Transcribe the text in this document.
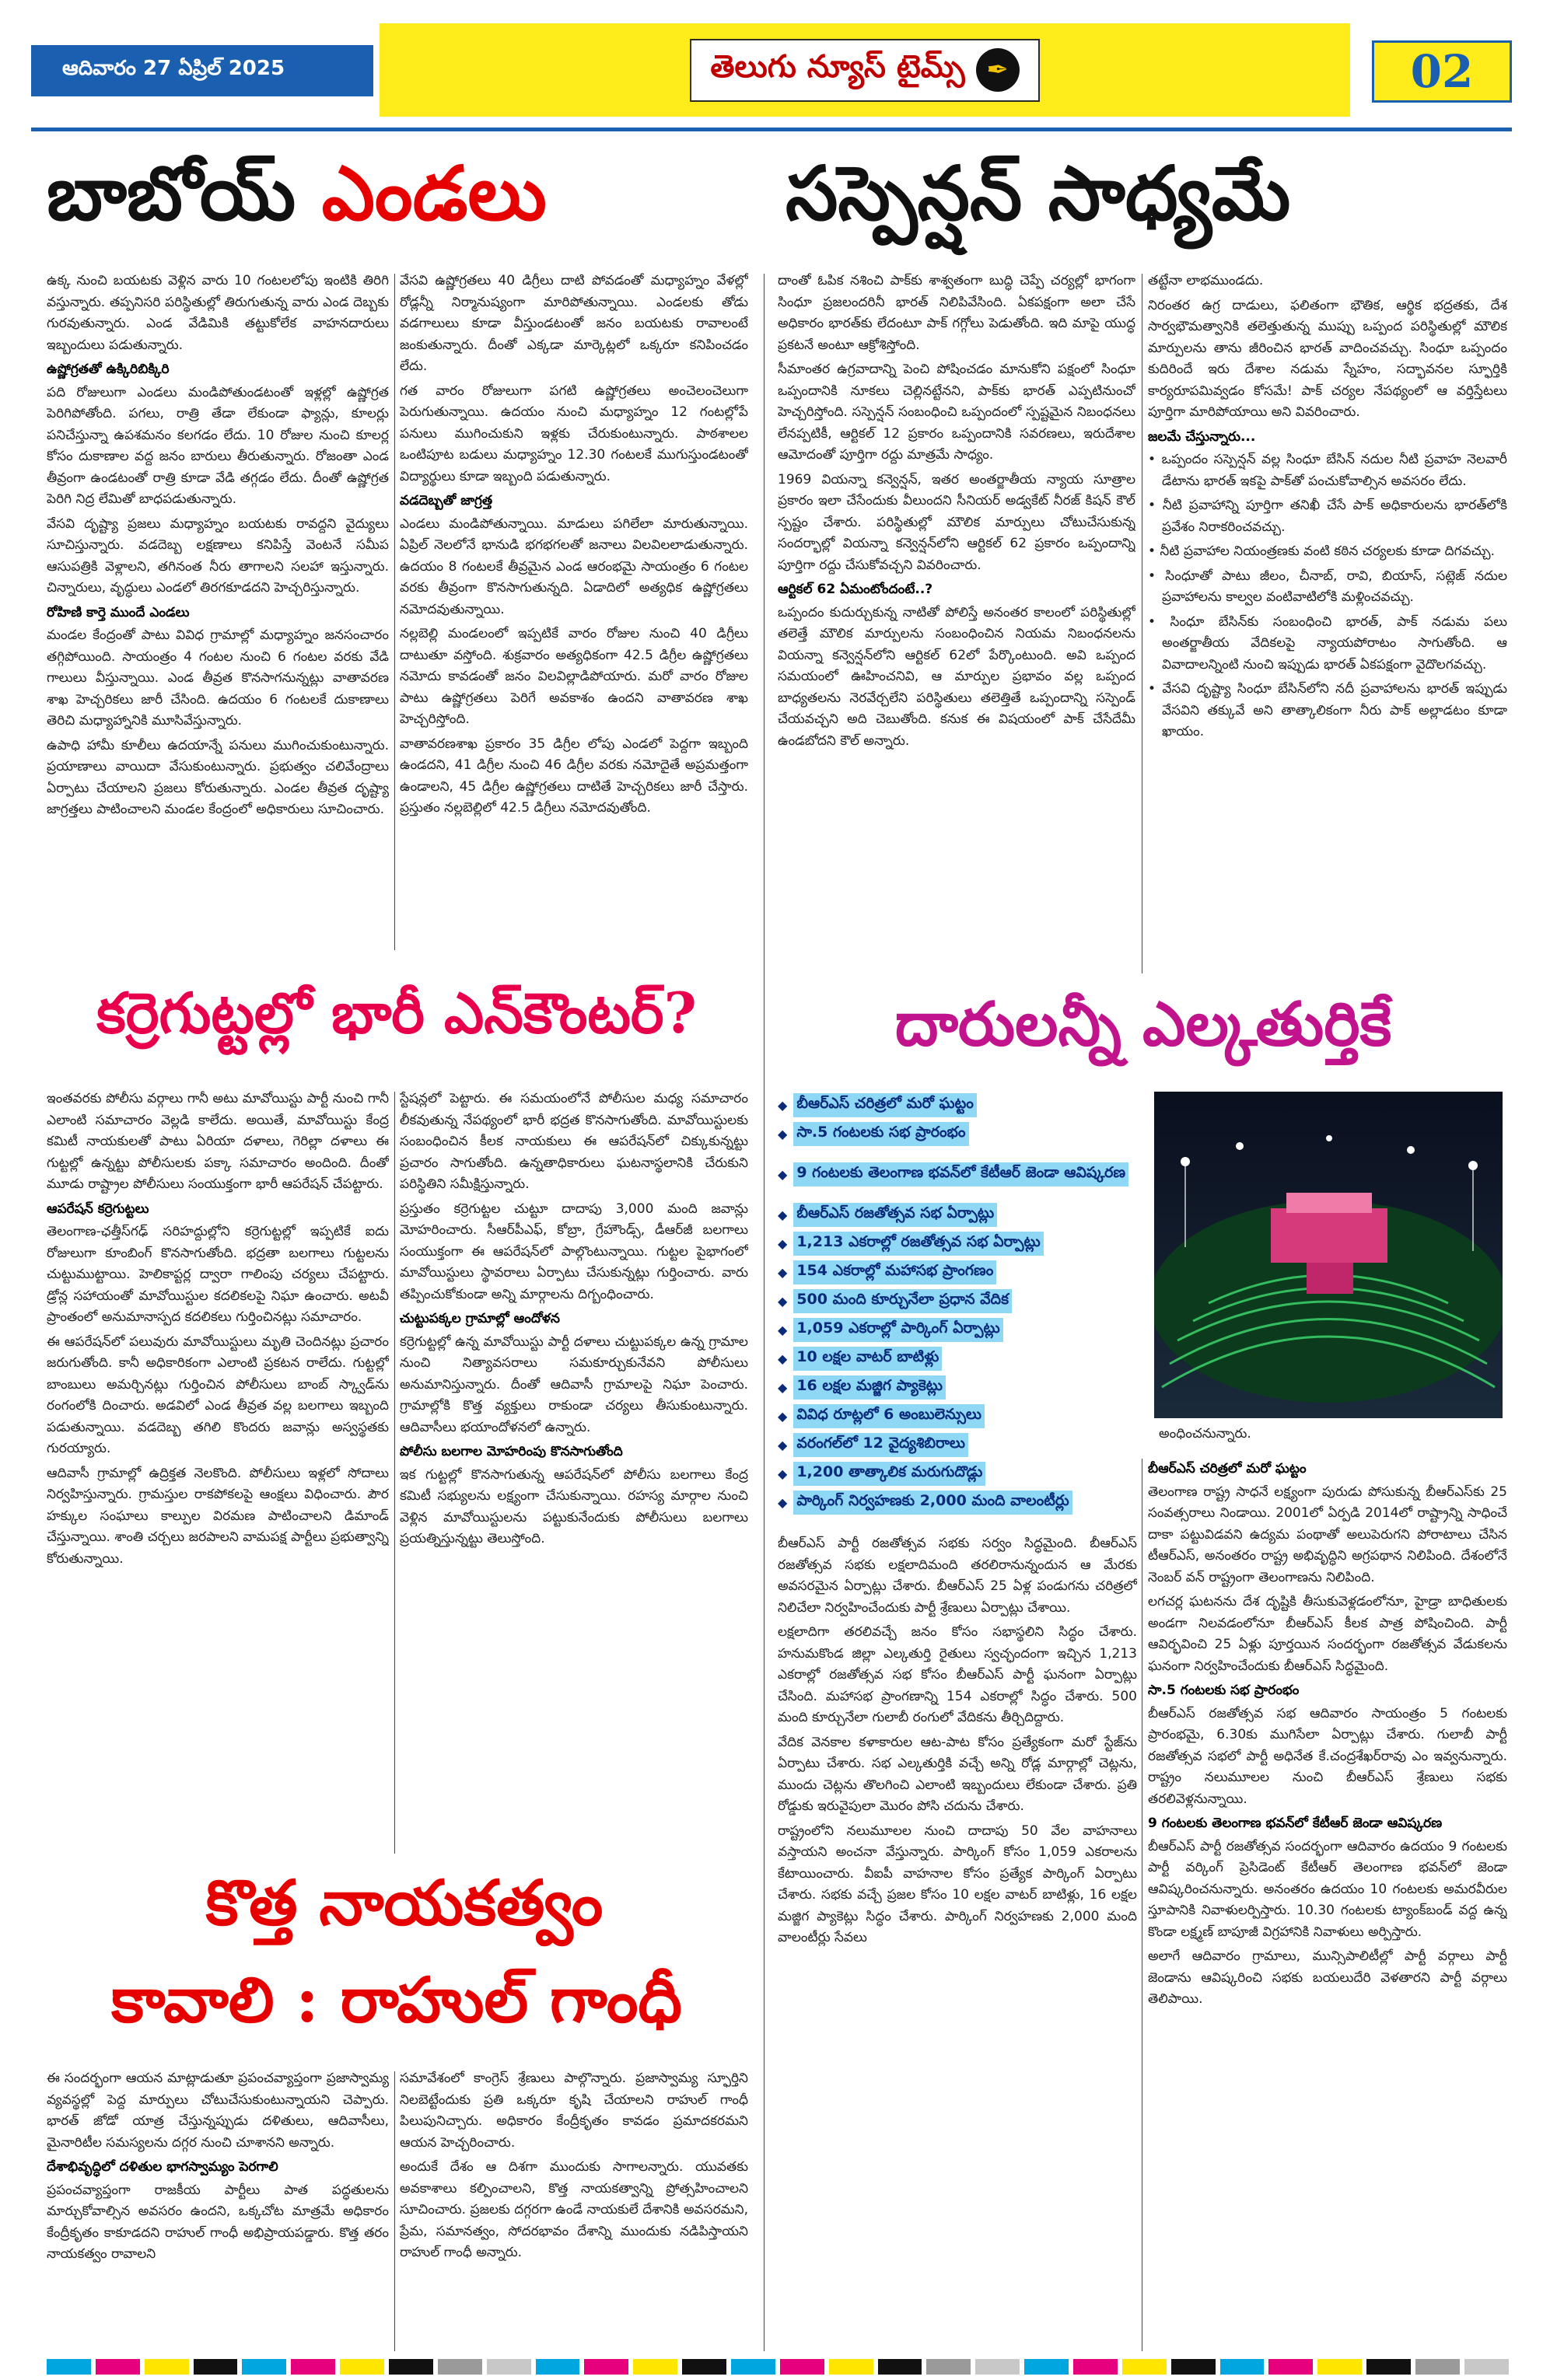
ఆదివారం 27 ఏప్రిల్ 2025	తెలుగు న్యూస్ టైమ్స్ ✒	02
బాబోయ్ ఎండలు	సస్పెన్షన్ సాధ్యమే
ఉక్క నుంచి బయటకు వెళ్లిన వారు 10 గంటలలోపు ఇంటికి తిరిగి వస్తున్నారు. తప్పనిసరి పరిస్థితుల్లో తిరుగుతున్న వారు ఎండ దెబ్బకు గురవుతున్నారు. ఎండ వేడిమికి తట్టుకోలేక వాహనదారులు ఇబ్బందులు పడుతున్నారు.
ఉష్ణోగ్రతతో ఉక్కిరిబిక్కిరి
పది రోజులుగా ఎండలు మండిపోతుండటంతో ఇళ్లల్లో ఉష్ణోగ్రత పెరిగిపోతోంది. పగలు, రాత్రి తేడా లేకుండా ఫ్యాన్లు, కూలర్లు పనిచేస్తున్నా ఉపశమనం కలగడం లేదు. 10 రోజుల నుంచి కూలర్ల కోసం దుకాణాల వద్ద జనం బారులు తీరుతున్నారు. రోజంతా ఎండ తీవ్రంగా ఉండటంతో రాత్రి కూడా వేడి తగ్గడం లేదు. దీంతో ఉష్ణోగ్రత పెరిగి నిద్ర లేమితో బాధపడుతున్నారు.
వేసవి దృష్ట్యా ప్రజలు మధ్యాహ్నం బయటకు రావద్దని వైద్యులు సూచిస్తున్నారు. వడదెబ్బ లక్షణాలు కనిపిస్తే వెంటనే సమీప ఆసుపత్రికి వెళ్లాలని, తగినంత నీరు తాగాలని సలహా ఇస్తున్నారు. చిన్నారులు, వృద్ధులు ఎండలో తిరగకూడదని హెచ్చరిస్తున్నారు.
రోహిణి కార్తె ముందే ఎండలు
మండల కేంద్రంతో పాటు వివిధ గ్రామాల్లో మధ్యాహ్నం జనసంచారం తగ్గిపోయింది. సాయంత్రం 4 గంటల నుంచి 6 గంటల వరకు వేడి గాలులు వీస్తున్నాయి. ఎండ తీవ్రత కొనసాగనున్నట్లు వాతావరణ శాఖ హెచ్చరికలు జారీ చేసింది. ఉదయం 6 గంటలకే దుకాణాలు తెరిచి మధ్యాహ్నానికి మూసివేస్తున్నారు.
ఉపాధి హామీ కూలీలు ఉదయాన్నే పనులు ముగించుకుంటున్నారు. ప్రయాణాలు వాయిదా వేసుకుంటున్నారు. ప్రభుత్వం చలివేంద్రాలు ఏర్పాటు చేయాలని ప్రజలు కోరుతున్నారు. ఎండల తీవ్రత దృష్ట్యా జాగ్రత్తలు పాటించాలని మండల కేంద్రంలో అధికారులు సూచించారు.
వేసవి ఉష్ణోగ్రతలు 40 డిగ్రీలు దాటి పోవడంతో మధ్యాహ్నం వేళల్లో రోడ్లన్నీ నిర్మానుష్యంగా మారిపోతున్నాయి. ఎండలకు తోడు వడగాలులు కూడా వీస్తుండటంతో జనం బయటకు రావాలంటే జంకుతున్నారు. దీంతో ఎక్కడా మార్కెట్లలో ఒక్కరూ కనిపించడం లేదు.
గత వారం రోజులుగా పగటి ఉష్ణోగ్రతలు అంచెలంచెలుగా పెరుగుతున్నాయి. ఉదయం నుంచి మధ్యాహ్నం 12 గంటల్లోపే పనులు ముగించుకుని ఇళ్లకు చేరుకుంటున్నారు. పాఠశాలల ఒంటిపూట బడులు మధ్యాహ్నం 12.30 గంటలకే ముగుస్తుండటంతో విద్యార్థులు కూడా ఇబ్బంది పడుతున్నారు.
వడదెబ్బతో జాగ్రత్త
ఎండలు మండిపోతున్నాయి. మాడులు పగిలేలా మారుతున్నాయి. ఏప్రిల్ నెలలోనే భానుడి భగభగలతో జనాలు విలవిలలాడుతున్నారు. ఉదయం 8 గంటలకే తీవ్రమైన ఎండ ఆరంభమై సాయంత్రం 6 గంటల వరకు తీవ్రంగా కొనసాగుతున్నది. ఏడాదిలో అత్యధిక ఉష్ణోగ్రతలు నమోదవుతున్నాయి.
నల్లబెల్లి మండలంలో ఇప్పటికే వారం రోజుల నుంచి 40 డిగ్రీలు దాటుతూ వస్తోంది. శుక్రవారం అత్యధికంగా 42.5 డిగ్రీల ఉష్ణోగ్రతలు నమోదు కావడంతో జనం విలవిల్లాడిపోయారు. మరో వారం రోజుల పాటు ఉష్ణోగ్రతలు పెరిగే అవకాశం ఉందని వాతావరణ శాఖ హెచ్చరిస్తోంది.
వాతావరణశాఖ ప్రకారం 35 డిగ్రీల లోపు ఎండలో పెద్దగా ఇబ్బంది ఉండదని, 41 డిగ్రీల నుంచి 46 డిగ్రీల వరకు నమోదైతే అప్రమత్తంగా ఉండాలని, 45 డిగ్రీల ఉష్ణోగ్రతలు దాటితే హెచ్చరికలు జారీ చేస్తారు. ప్రస్తుతం నల్లబెల్లిలో 42.5 డిగ్రీలు నమోదవుతోంది.
దాంతో ఓపిక నశించి పాక్‌కు శాశ్వతంగా బుద్ధి చెప్పే చర్యల్లో భాగంగా సింధూ ప్రజలందరినీ భారత్ నిలిపివేసింది. ఏకపక్షంగా అలా చేసే అధికారం భారత్‌కు లేదంటూ పాక్ గగ్గోలు పెడుతోంది. ఇది మాపై యుద్ధ ప్రకటనే అంటూ ఆక్రోశిస్తోంది.
సీమాంతర ఉగ్రవాదాన్ని పెంచి పోషించడం మానుకోని పక్షంలో సింధూ ఒప్పందానికి నూకలు చెల్లినట్టేనని, పాక్‌కు భారత్ ఎప్పటినుంచో హెచ్చరిస్తోంది. సస్పెన్షన్ సంబంధించి ఒప్పందంలో స్పష్టమైన నిబంధనలు లేనప్పటికీ, ఆర్టికల్ 12 ప్రకారం ఒప్పందానికి సవరణలు, ఇరుదేశాల ఆమోదంతో పూర్తిగా రద్దు మాత్రమే సాధ్యం.
1969 వియన్నా కన్వెన్షన్, ఇతర అంతర్జాతీయ న్యాయ సూత్రాల ప్రకారం ఇలా చేసేందుకు వీలుందని సీనియర్ అడ్వకేట్ నీరజ్ కిషన్ కౌల్ స్పష్టం చేశారు. పరిస్థితుల్లో మౌలిక మార్పులు చోటుచేసుకున్న సందర్భాల్లో వియన్నా కన్వెన్షన్‌లోని ఆర్టికల్ 62 ప్రకారం ఒప్పందాన్ని పూర్తిగా రద్దు చేసుకోవచ్చని వివరించారు.
ఆర్టికల్ 62 ఏమంటోందంటే..?
ఒప్పందం కుదుర్చుకున్న నాటితో పోలిస్తే అనంతర కాలంలో పరిస్థితుల్లో తలెత్తే మౌలిక మార్పులను సంబంధించిన నియమ నిబంధనలను వియన్నా కన్వెన్షన్‌లోని ఆర్టికల్ 62లో పేర్కొంటుంది. అవి ఒప్పంద సమయంలో ఊహించనివి, ఆ మార్పుల ప్రభావం వల్ల ఒప్పంద బాధ్యతలను నెరవేర్చలేని పరిస్థితులు తలెత్తితే ఒప్పందాన్ని సస్పెండ్ చేయవచ్చని అది చెబుతోంది. కనుక ఈ విషయంలో పాక్ చేసేదేమీ ఉండబోదని కౌల్ అన్నారు.
తట్టేనా లాభముండదు.
నిరంతర ఉగ్ర దాడులు, ఫలితంగా భౌతిక, ఆర్థిక భద్రతకు, దేశ సార్వభౌమత్వానికి తలెత్తుతున్న ముప్పు ఒప్పంద పరిస్థితుల్లో మౌలిక మార్పులను తాను జీరించిన భారత్ వాదించవచ్చు. సింధూ ఒప్పందం కుదిరిందే ఇరు దేశాల నడుమ స్నేహం, సద్భావనల స్ఫూర్తికి కార్యరూపమివ్వడం కోసమే! పాక్ చర్యల నేపథ్యంలో ఆ వర్తిస్తేటలు పూర్తిగా మారిపోయాయి అని వివరించారు.
జలమే చేస్తున్నారు...
• ఒప్పందం సస్పెన్షన్ వల్ల సింధూ బేసిన్ నదుల నీటి ప్రవాహ నెలవారీ డేటాను భారత్ ఇకపై పాక్‌తో పంచుకోవాల్సిన అవసరం లేదు.
• నీటి ప్రవాహాన్ని పూర్తిగా తనిఖీ చేసే పాక్ అధికారులను భారత్‌లోకి ప్రవేశం నిరాకరించవచ్చు.
• నీటి ప్రవాహాల నియంత్రణకు వంటి కఠిన చర్యలకు కూడా దిగవచ్చు.
• సింధూతో పాటు జీలం, చీనాబ్, రావి, బియాస్, సట్లెజ్ నదుల ప్రవాహాలను కాల్వల వంటివాటిలోకి మళ్లించవచ్చు.
• సింధూ బేసిన్‌కు సంబంధించి భారత్, పాక్ నడుమ పలు అంతర్జాతీయ వేదికలపై న్యాయపోరాటం సాగుతోంది. ఆ వివాదాలన్నింటి నుంచి ఇప్పుడు భారత్ ఏకపక్షంగా వైదొలగవచ్చు.
• వేసవి దృష్ట్యా సింధూ బేసిన్‌లోని నదీ ప్రవాహాలను భారత్ ఇప్పుడు వేసవిని తక్కువే అని తాత్కాలికంగా నీరు పాక్ అల్లాడటం కూడా ఖాయం.
కర్రెగుట్టల్లో భారీ ఎన్‌కౌంటర్?
ఇంతవరకు పోలీసు వర్గాలు గానీ అటు మావోయిస్టు పార్టీ నుంచి గానీ ఎలాంటి సమాచారం వెల్లడి కాలేదు. అయితే, మావోయిస్టు కేంద్ర కమిటీ నాయకులతో పాటు ఏరియా దళాలు, గెరిల్లా దళాలు ఈ గుట్టల్లో ఉన్నట్టు పోలీసులకు పక్కా సమాచారం అందింది. దీంతో మూడు రాష్ట్రాల పోలీసులు సంయుక్తంగా భారీ ఆపరేషన్ చేపట్టారు.
ఆపరేషన్ కర్రెగుట్టలు
తెలంగాణ-ఛత్తీస్‌గఢ్ సరిహద్దుల్లోని కర్రెగుట్టల్లో ఇప్పటికే ఐదు రోజులుగా కూంబింగ్ కొనసాగుతోంది. భద్రతా బలగాలు గుట్టలను చుట్టుముట్టాయి. హెలికాప్టర్ల ద్వారా గాలింపు చర్యలు చేపట్టారు. డ్రోన్ల సహాయంతో మావోయిస్టుల కదలికలపై నిఘా ఉంచారు. అటవీ ప్రాంతంలో అనుమానాస్పద కదలికలు గుర్తించినట్లు సమాచారం.
ఈ ఆపరేషన్‌లో పలువురు మావోయిస్టులు మృతి చెందినట్లు ప్రచారం జరుగుతోంది. కానీ అధికారికంగా ఎలాంటి ప్రకటన రాలేదు. గుట్టల్లో బాంబులు అమర్చినట్లు గుర్తించిన పోలీసులు బాంబ్ స్క్వాడ్‌ను రంగంలోకి దించారు. అడవిలో ఎండ తీవ్రత వల్ల బలగాలు ఇబ్బంది పడుతున్నాయి. వడదెబ్బ తగిలి కొందరు జవాన్లు అస్వస్థతకు గురయ్యారు.
ఆదివాసీ గ్రామాల్లో ఉద్రిక్తత నెలకొంది. పోలీసులు ఇళ్లలో సోదాలు నిర్వహిస్తున్నారు. గ్రామస్తుల రాకపోకలపై ఆంక్షలు విధించారు. పౌర హక్కుల సంఘాలు కాల్పుల విరమణ పాటించాలని డిమాండ్ చేస్తున్నాయి. శాంతి చర్చలు జరపాలని వామపక్ష పార్టీలు ప్రభుత్వాన్ని కోరుతున్నాయి.
స్టేషన్లలో పెట్టారు. ఈ సమయంలోనే పోలీసుల మధ్య సమాచారం లీకవుతున్న నేపథ్యంలో భారీ భద్రత కొనసాగుతోంది. మావోయిస్టులకు సంబంధించిన కీలక నాయకులు ఈ ఆపరేషన్‌లో చిక్కుకున్నట్టు ప్రచారం సాగుతోంది. ఉన్నతాధికారులు ఘటనాస్థలానికి చేరుకుని పరిస్థితిని సమీక్షిస్తున్నారు.
ప్రస్తుతం కర్రెగుట్టల చుట్టూ దాదాపు 3,000 మంది జవాన్లు మోహరించారు. సీఆర్‌పీఎఫ్, కోబ్రా, గ్రేహౌండ్స్, డీఆర్‌జీ బలగాలు సంయుక్తంగా ఈ ఆపరేషన్‌లో పాల్గొంటున్నాయి. గుట్టల పైభాగంలో మావోయిస్టులు స్థావరాలు ఏర్పాటు చేసుకున్నట్లు గుర్తించారు. వారు తప్పించుకోకుండా అన్ని మార్గాలను దిగ్బంధించారు.
చుట్టుపక్కల గ్రామాల్లో ఆందోళన
కర్రెగుట్టల్లో ఉన్న మావోయిస్టు పార్టీ దళాలు చుట్టుపక్కల ఉన్న గ్రామాల నుంచి నిత్యావసరాలు సమకూర్చుకునేవని పోలీసులు అనుమానిస్తున్నారు. దీంతో ఆదివాసీ గ్రామాలపై నిఘా పెంచారు. గ్రామాల్లోకి కొత్త వ్యక్తులు రాకుండా చర్యలు తీసుకుంటున్నారు. ఆదివాసీలు భయాందోళనలో ఉన్నారు.
పోలీసు బలగాల మోహరింపు కొనసాగుతోంది
ఇక గుట్టల్లో కొనసాగుతున్న ఆపరేషన్‌లో పోలీసు బలగాలు కేంద్ర కమిటీ సభ్యులను లక్ష్యంగా చేసుకున్నాయి. రహస్య మార్గాల నుంచి వెళ్లిన మావోయిస్టులను పట్టుకునేందుకు పోలీసులు బలగాలు ప్రయత్నిస్తున్నట్టు తెలుస్తోంది.
దారులన్నీ ఎల్కతుర్తికే
◆ బీఆర్ఎస్ చరిత్రలో మరో ఘట్టం
◆ సా.5 గంటలకు సభ ప్రారంభం
◆ 9 గంటలకు తెలంగాణ భవన్‌లో కేటీఆర్ జెండా ఆవిష్కరణ
◆ బీఆర్ఎస్ రజతోత్సవ సభ ఏర్పాట్లు
◆ 1,213 ఎకరాల్లో రజతోత్సవ సభ ఏర్పాట్లు
◆ 154 ఎకరాల్లో మహాసభ ప్రాంగణం
◆ 500 మంది కూర్చునేలా ప్రధాన వేదిక
◆ 1,059 ఎకరాల్లో పార్కింగ్ ఏర్పాట్లు
◆ 10 లక్షల వాటర్ బాటిళ్లు
◆ 16 లక్షల మజ్జిగ ప్యాకెట్లు
◆ వివిధ రూట్లలో 6 అంబులెన్సులు
◆ వరంగల్‌లో 12 వైద్యశిబిరాలు
◆ 1,200 తాత్కాలిక మరుగుదొడ్లు
◆ పార్కింగ్ నిర్వహణకు 2,000 మంది వాలంటీర్లు
అంధించనున్నారు.
బీఆర్ఎస్ పార్టీ రజతోత్సవ సభకు సర్వం సిద్ధమైంది. బీఆర్ఎస్ రజతోత్సవ సభకు లక్షలాదిమంది తరలిరానున్నందున ఆ మేరకు అవసరమైన ఏర్పాట్లు చేశారు. బీఆర్ఎస్ 25 ఏళ్ల పండుగను చరిత్రలో నిలిచేలా నిర్వహించేందుకు పార్టీ శ్రేణులు ఏర్పాట్లు చేశాయి.
లక్షలాదిగా తరలివచ్చే జనం కోసం సభాస్థలిని సిద్ధం చేశారు. హనుమకొండ జిల్లా ఎల్కతుర్తి రైతులు స్వచ్ఛందంగా ఇచ్చిన 1,213 ఎకరాల్లో రజతోత్సవ సభ కోసం బీఆర్ఎస్ పార్టీ ఘనంగా ఏర్పాట్లు చేసింది. మహాసభ ప్రాంగణాన్ని 154 ఎకరాల్లో సిద్ధం చేశారు. 500 మంది కూర్చునేలా గులాబీ రంగులో వేదికను తీర్చిదిద్దారు.
వేదిక వెనకాల కళాకారుల ఆట-పాట కోసం ప్రత్యేకంగా మరో స్టేజ్‌ను ఏర్పాటు చేశారు. సభ ఎల్కతుర్తికి వచ్చే అన్ని రోడ్ల మార్గాల్లో చెట్లను, ముందు చెట్లను తొలగించి ఎలాంటి ఇబ్బందులు లేకుండా చేశారు. ప్రతి రోడ్డుకు ఇరువైపులా మొరం పోసి చదును చేశారు.
రాష్ట్రంలోని నలుమూలల నుంచి దాదాపు 50 వేల వాహనాలు వస్తాయని అంచనా వేస్తున్నారు. పార్కింగ్ కోసం 1,059 ఎకరాలను కేటాయించారు. వీఐపీ వాహనాల కోసం ప్రత్యేక పార్కింగ్ ఏర్పాటు చేశారు. సభకు వచ్చే ప్రజల కోసం 10 లక్షల వాటర్ బాటిళ్లు, 16 లక్షల మజ్జిగ ప్యాకెట్లు సిద్ధం చేశారు. పార్కింగ్ నిర్వహణకు 2,000 మంది వాలంటీర్లు సేవలు
బీఆర్ఎస్ చరిత్రలో మరో ఘట్టం
తెలంగాణ రాష్ట్ర సాధనే లక్ష్యంగా పురుడు పోసుకున్న బీఆర్ఎస్‌కు 25 సంవత్సరాలు నిండాయి. 2001లో ఏర్పడి 2014లో రాష్ట్రాన్ని సాధించే దాకా పట్టువిడవని ఉద్యమ పంథాతో అలుపెరుగని పోరాటాలు చేసిన టీఆర్ఎస్, అనంతరం రాష్ట్ర అభివృద్ధిని అగ్రపథాన నిలిపింది. దేశంలోనే నెంబర్ వన్ రాష్ట్రంగా తెలంగాణను నిలిపింది.
లగచర్ల ఘటనను దేశ దృష్టికి తీసుకువెళ్లడంలోనూ, హైడ్రా బాధితులకు అండగా నిలవడంలోనూ బీఆర్ఎస్ కీలక పాత్ర పోషించింది. పార్టీ ఆవిర్భవించి 25 ఏళ్లు పూర్తయిన సందర్భంగా రజతోత్సవ వేడుకలను ఘనంగా నిర్వహించేందుకు బీఆర్ఎస్ సిద్ధమైంది.
సా.5 గంటలకు సభ ప్రారంభం
బీఆర్ఎస్ రజతోత్సవ సభ ఆదివారం సాయంత్రం 5 గంటలకు ప్రారంభమై, 6.30కు ముగిసేలా ఏర్పాట్లు చేశారు. గులాబీ పార్టీ రజతోత్సవ సభలో పార్టీ అధినేత కే.చంద్రశేఖర్‌రావు ఎం ఇవ్వనున్నారు. రాష్ట్రం నలుమూలల నుంచి బీఆర్ఎస్ శ్రేణులు సభకు తరలివెళ్లనున్నాయి.
9 గంటలకు తెలంగాణ భవన్‌లో కేటీఆర్ జెండా ఆవిష్కరణ
బీఆర్ఎస్ పార్టీ రజతోత్సవ సందర్భంగా ఆదివారం ఉదయం 9 గంటలకు పార్టీ వర్కింగ్ ప్రెసిడెంట్ కేటీఆర్ తెలంగాణ భవన్‌లో జెండా ఆవిష్కరించనున్నారు. అనంతరం ఉదయం 10 గంటలకు అమరవీరుల స్తూపానికి నివాళులర్పిస్తారు. 10.30 గంటలకు ట్యాంక్‌బండ్ వద్ద ఉన్న కొండా లక్ష్మణ్ బాపూజీ విగ్రహానికి నివాళులు అర్పిస్తారు.
అలాగే ఆదివారం గ్రామాలు, మున్సిపాలిటీల్లో పార్టీ వర్గాలు పార్టీ జెండాను ఆవిష్కరించి సభకు బయలుదేరి వెళతారని పార్టీ వర్గాలు తెలిపాయి.
కొత్త నాయకత్వం
కావాలి : రాహుల్ గాంధీ
ఈ సందర్భంగా ఆయన మాట్లాడుతూ ప్రపంచవ్యాప్తంగా ప్రజాస్వామ్య వ్యవస్థల్లో పెద్ద మార్పులు చోటుచేసుకుంటున్నాయని చెప్పారు. భారత్ జోడో యాత్ర చేస్తున్నప్పుడు దళితులు, ఆదివాసీలు, మైనారిటీల సమస్యలను దగ్గర నుంచి చూశానని అన్నారు.
దేశాభివృద్ధిలో దళితుల భాగస్వామ్యం పెరగాలి
ప్రపంచవ్యాప్తంగా రాజకీయ పార్టీలు పాత పద్ధతులను మార్చుకోవాల్సిన అవసరం ఉందని, ఒక్కచోట మాత్రమే అధికారం కేంద్రీకృతం కాకూడదని రాహుల్ గాంధీ అభిప్రాయపడ్డారు. కొత్త తరం నాయకత్వం రావాలని
సమావేశంలో కాంగ్రెస్ శ్రేణులు పాల్గొన్నారు. ప్రజాస్వామ్య స్ఫూర్తిని నిలబెట్టేందుకు ప్రతి ఒక్కరూ కృషి చేయాలని రాహుల్ గాంధీ పిలుపునిచ్చారు. అధికారం కేంద్రీకృతం కావడం ప్రమాదకరమని ఆయన హెచ్చరించారు.
అందుకే దేశం ఆ దిశగా ముందుకు సాగాలన్నారు. యువతకు అవకాశాలు కల్పించాలని, కొత్త నాయకత్వాన్ని ప్రోత్సహించాలని సూచించారు. ప్రజలకు దగ్గరగా ఉండే నాయకులే దేశానికి అవసరమని, ప్రేమ, సమానత్వం, సోదరభావం దేశాన్ని ముందుకు నడిపిస్తాయని రాహుల్ గాంధీ అన్నారు.
